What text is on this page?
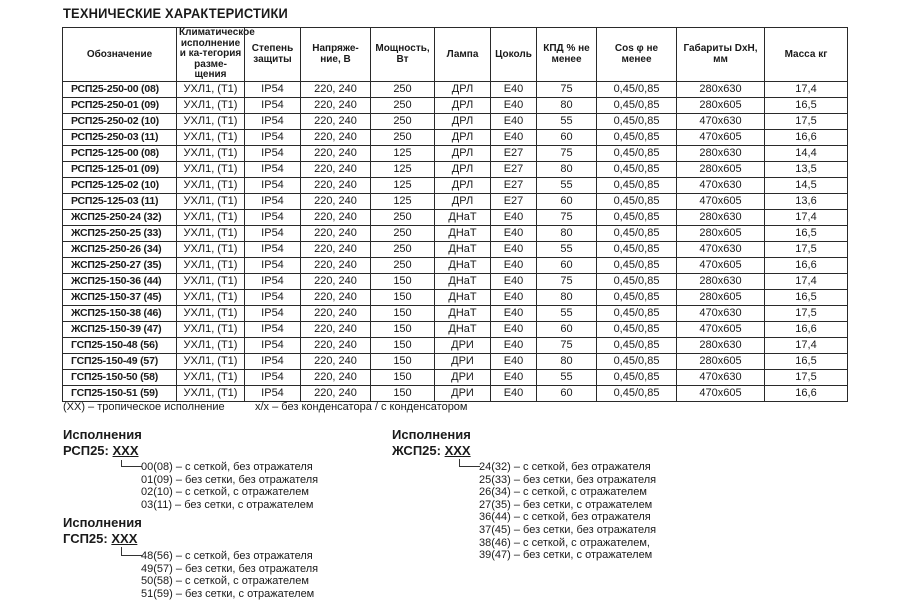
ТЕХНИЧЕСКИЕ ХАРАКТЕРИСТИКИ
Обозначение	Климатическое исполнение и ка-тегория разме-щения	Степень защиты	Напряже-ние, В	Мощность, Вт	Лампа	Цоколь	КПД % не менее	Cos φ не менее	Габариты DxH, мм	Масса кг
РСП25-250-00 (08)	УХЛ1, (Т1)	IP54	220, 240	250	ДРЛ	Е40	75	0,45/0,85	280x630	17,4
РСП25-250-01 (09)	УХЛ1, (Т1)	IP54	220, 240	250	ДРЛ	Е40	80	0,45/0,85	280x605	16,5
РСП25-250-02 (10)	УХЛ1, (Т1)	IP54	220, 240	250	ДРЛ	Е40	55	0,45/0,85	470x630	17,5
РСП25-250-03 (11)	УХЛ1, (Т1)	IP54	220, 240	250	ДРЛ	Е40	60	0,45/0,85	470x605	16,6
РСП25-125-00 (08)	УХЛ1, (Т1)	IP54	220, 240	125	ДРЛ	Е27	75	0,45/0,85	280x630	14,4
РСП25-125-01 (09)	УХЛ1, (Т1)	IP54	220, 240	125	ДРЛ	Е27	80	0,45/0,85	280x605	13,5
РСП25-125-02 (10)	УХЛ1, (Т1)	IP54	220, 240	125	ДРЛ	Е27	55	0,45/0,85	470x630	14,5
РСП25-125-03 (11)	УХЛ1, (Т1)	IP54	220, 240	125	ДРЛ	Е27	60	0,45/0,85	470x605	13,6
ЖСП25-250-24 (32)	УХЛ1, (Т1)	IP54	220, 240	250	ДНаТ	Е40	75	0,45/0,85	280x630	17,4
ЖСП25-250-25 (33)	УХЛ1, (Т1)	IP54	220, 240	250	ДНаТ	Е40	80	0,45/0,85	280x605	16,5
ЖСП25-250-26 (34)	УХЛ1, (Т1)	IP54	220, 240	250	ДНаТ	Е40	55	0,45/0,85	470x630	17,5
ЖСП25-250-27 (35)	УХЛ1, (Т1)	IP54	220, 240	250	ДНаТ	Е40	60	0,45/0,85	470x605	16,6
ЖСП25-150-36 (44)	УХЛ1, (Т1)	IP54	220, 240	150	ДНаТ	Е40	75	0,45/0,85	280x630	17,4
ЖСП25-150-37 (45)	УХЛ1, (Т1)	IP54	220, 240	150	ДНаТ	Е40	80	0,45/0,85	280x605	16,5
ЖСП25-150-38 (46)	УХЛ1, (Т1)	IP54	220, 240	150	ДНаТ	Е40	55	0,45/0,85	470x630	17,5
ЖСП25-150-39 (47)	УХЛ1, (Т1)	IP54	220, 240	150	ДНаТ	Е40	60	0,45/0,85	470x605	16,6
ГСП25-150-48 (56)	УХЛ1, (Т1)	IP54	220, 240	150	ДРИ	Е40	75	0,45/0,85	280x630	17,4
ГСП25-150-49 (57)	УХЛ1, (Т1)	IP54	220, 240	150	ДРИ	Е40	80	0,45/0,85	280x605	16,5
ГСП25-150-50 (58)	УХЛ1, (Т1)	IP54	220, 240	150	ДРИ	Е40	55	0,45/0,85	470x630	17,5
ГСП25-150-51 (59)	УХЛ1, (Т1)	IP54	220, 240	150	ДРИ	Е40	60	0,45/0,85	470x605	16,6
(XX) – тропическое исполнение	x/x – без конденсатора / с конденсатором
Исполнения
РСП25: XXX
00(08) – с сеткой, без отражателя
01(09) – без сетки, без отражателя
02(10) – с сеткой, с отражателем
03(11) – без сетки, с отражателем
Исполнения
ГСП25: XXX
48(56) – с сеткой, без отражателя
49(57) – без сетки, без отражателя
50(58) – с сеткой, с отражателем
51(59) – без сетки, с отражателем
Исполнения
ЖСП25: XXX
24(32) – с сеткой, без отражателя
25(33) – без сетки, без отражателя
26(34) – с сеткой, с отражателем
27(35) – без сетки, с отражателем
36(44) – с сеткой, без отражателя
37(45) – без сетки, без отражателя
38(46) – с сеткой, с отражателем,
39(47) – без сетки, с отражателем
